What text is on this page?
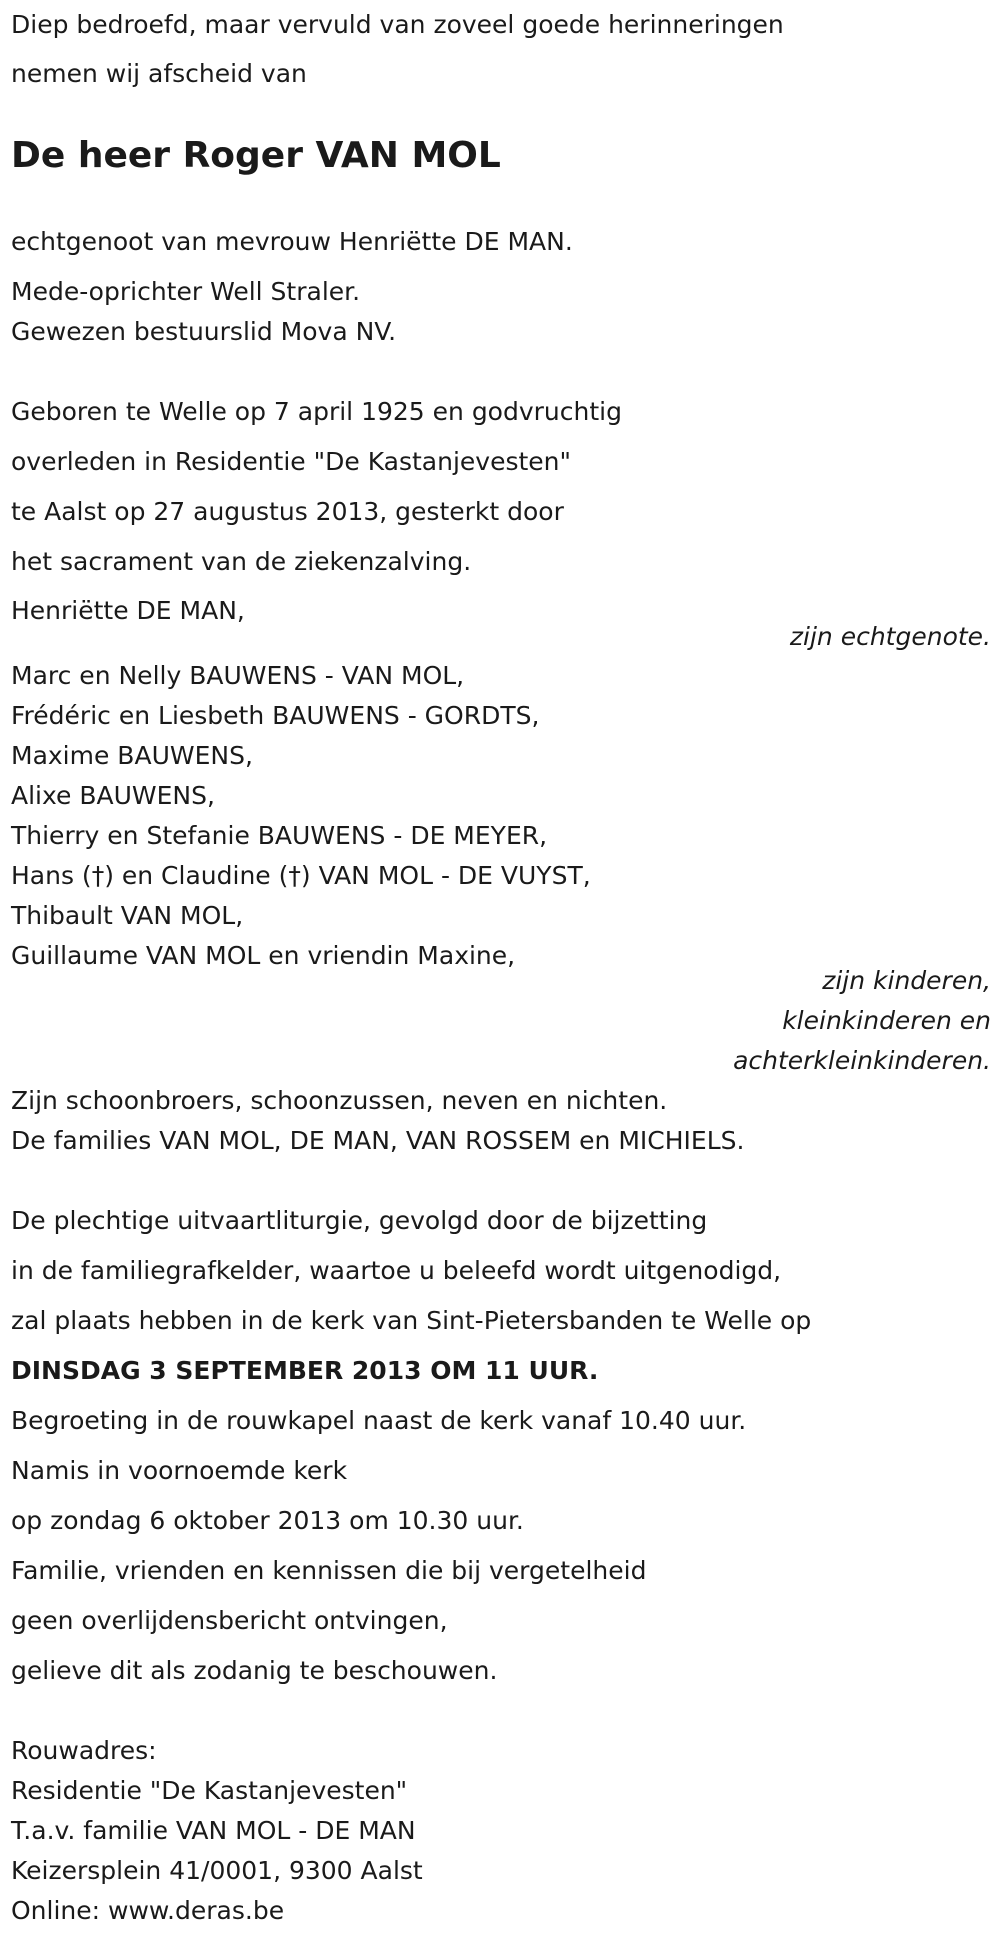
Diep bedroefd, maar vervuld van zoveel goede herinneringen
nemen wij afscheid van
De heer Roger VAN MOL
echtgenoot van mevrouw Henriëtte DE MAN.
Mede-oprichter Well Straler.
Gewezen bestuurslid Mova NV.
Geboren te Welle op 7 april 1925 en godvruchtig
overleden in Residentie "De Kastanjevesten"
te Aalst op 27 augustus 2013, gesterkt door
het sacrament van de ziekenzalving.
Henriëtte DE MAN,
zijn echtgenote.
Marc en Nelly BAUWENS - VAN MOL,
Frédéric en Liesbeth BAUWENS - GORDTS,
Maxime BAUWENS,
Alixe BAUWENS,
Thierry en Stefanie BAUWENS - DE MEYER,
Hans (†) en Claudine (†) VAN MOL - DE VUYST,
Thibault VAN MOL,
Guillaume VAN MOL en vriendin Maxine,
zijn kinderen,
kleinkinderen en
achterkleinkinderen.
Zijn schoonbroers, schoonzussen, neven en nichten.
De families VAN MOL, DE MAN, VAN ROSSEM en MICHIELS.
De plechtige uitvaartliturgie, gevolgd door de bijzetting
in de familiegrafkelder, waartoe u beleefd wordt uitgenodigd,
zal plaats hebben in de kerk van Sint-Pietersbanden te Welle op
DINSDAG 3 SEPTEMBER 2013 OM 11 UUR.
Begroeting in de rouwkapel naast de kerk vanaf 10.40 uur.
Namis in voornoemde kerk
op zondag 6 oktober 2013 om 10.30 uur.
Familie, vrienden en kennissen die bij vergetelheid
geen overlijdensbericht ontvingen,
gelieve dit als zodanig te beschouwen.
Rouwadres:
Residentie "De Kastanjevesten"
T.a.v. familie VAN MOL - DE MAN
Keizersplein 41/0001, 9300 Aalst
Online: www.deras.be
